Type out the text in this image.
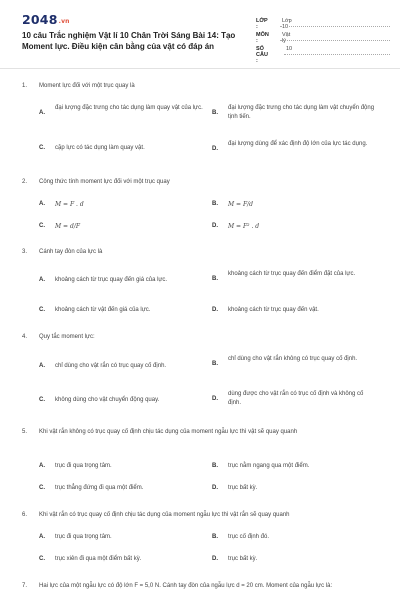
2048.vn
10 câu Trắc nghiệm Vật lí 10 Chân Trời Sáng Bài 14: Tạo Moment lực. Điều kiện cân bằng của vật có đáp án
LỚP :
Lớp 10
MÔN :
Vật lý
SỐ CÂU :
10
1. Moment lực đối với một trục quay là
A.
đại lượng đặc trưng cho tác dụng làm quay vật của lực.
B.
đại lượng đặc trưng cho tác dụng làm vật chuyển động tịnh tiến.
C. cặp lực có tác dụng làm quay vật.	D.
đại lượng dùng để xác định độ lớn của lực tác dụng.
2. Công thức tính moment lực đối với một trục quay
A. M = F . d	B. M = F/d
C. M = d/F	D. M = F² . d
3. Cánh tay đòn của lực là
A. khoảng cách từ trục quay đến giá của lực.	B.
khoảng cách từ trục quay đến điểm đặt của lực.
C. khoảng cách từ vật đến giá của lực.	D. khoảng cách từ trục quay đến vật.
4. Quy tắc moment lực:
A. chỉ dùng cho vật rắn có trục quay cố định.	B.
chỉ dùng cho vật rắn không có trục quay cố định.
C. không dùng cho vật chuyển động quay.	D.
dùng được cho vật rắn có trục cố định và không cố định.
5. Khi vật rắn không có trục quay cố định chịu tác dụng của moment ngẫu lực thì vật sẽ quay quanh
A. trục đi qua trọng tâm.	B. trục nằm ngang qua một điểm.
C. trục thẳng đứng đi qua một điểm.	D. trục bất kỳ.
6. Khi vật rắn có trục quay cố định chịu tác dụng của moment ngẫu lực thì vật rắn sẽ quay quanh
A. trục đi qua trọng tâm.	B. trục cố định đó.
C. trục xiên đi qua một điểm bất kỳ.	D. trục bất kỳ.
7. Hai lực của một ngẫu lực có độ lớn F = 5,0 N. Cánh tay đòn của ngẫu lực d = 20 cm. Moment của ngẫu lực là:
